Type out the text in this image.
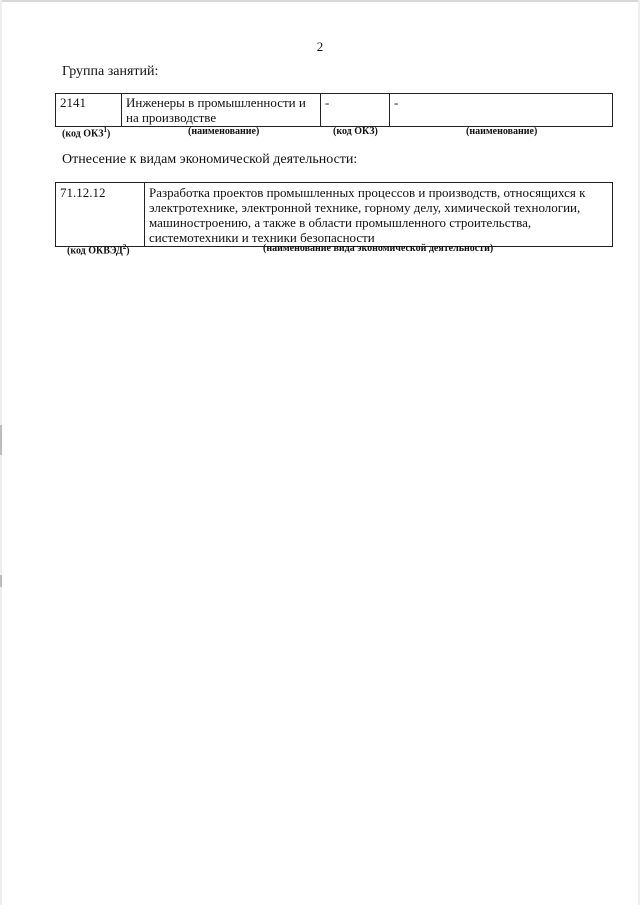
2
Группа занятий:
2141	Инженеры в промышленности и на производстве	-	-
(код ОКЗ$^1$)	(наименование)	(код ОКЗ)	(наименование)
Отнесение к видам экономической деятельности:
71.12.12	Разработка проектов промышленных процессов и производств, относящихся к электротехнике, электронной технике, горному делу, химической технологии, машиностроению, а также в области промышленного строительства, системотехники и техники безопасности
(код ОКВЭД$^2$)	(наименование вида экономической деятельности)
